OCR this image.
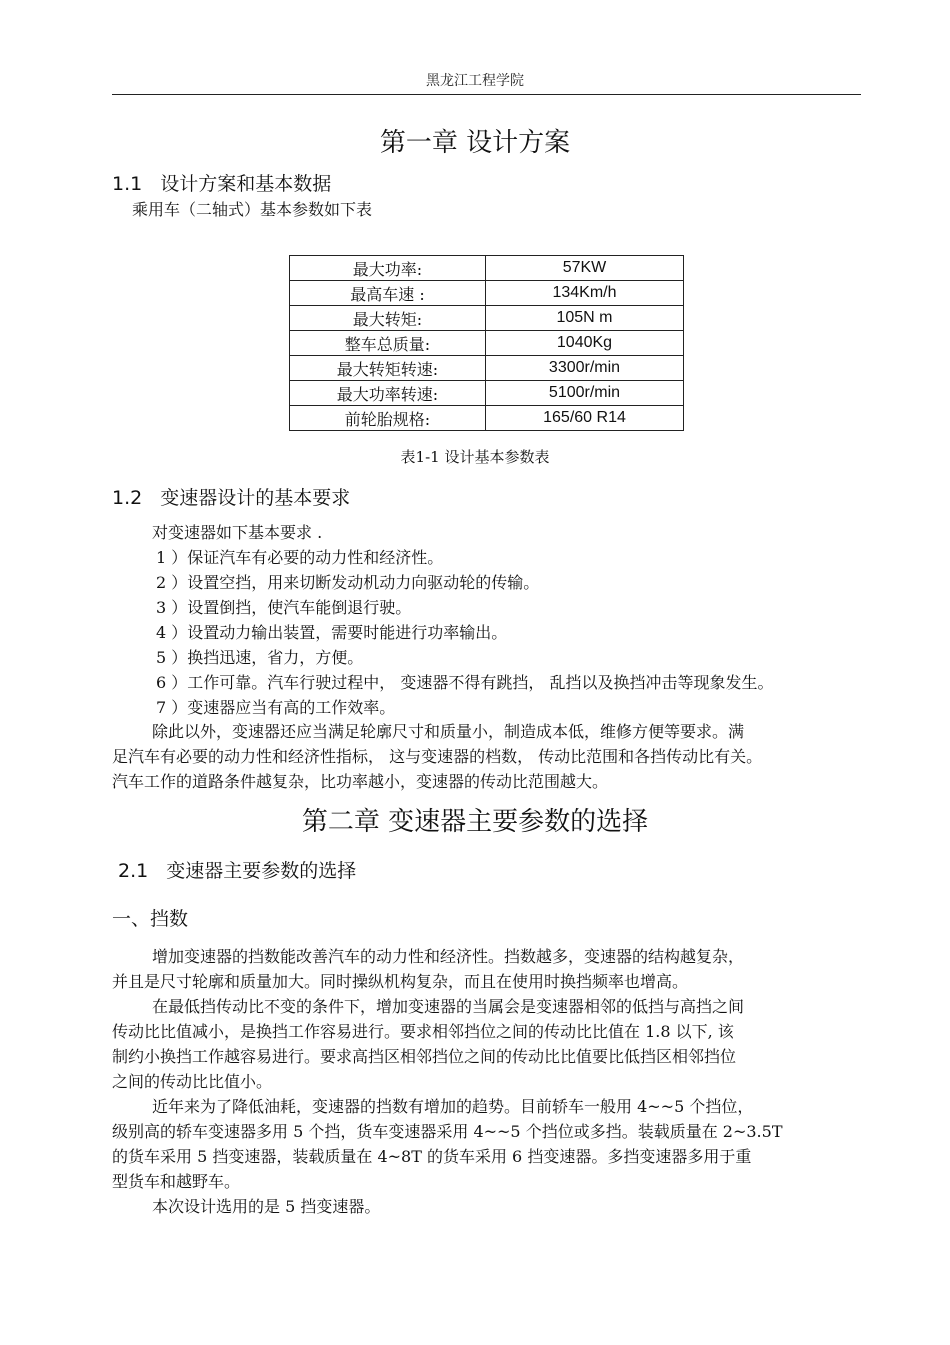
黑龙江工程学院
第一章 设计方案
1.1 设计方案和基本数据
乘用车（二轴式）基本参数如下表
最大功率:	57KW
最高车速 :	134Km/h
最大转矩:	105N m
整车总质量:	1040Kg
最大转矩转速:	3300r/min
最大功率转速:	5100r/min
前轮胎规格:	165/60 R14
表1-1 设计基本参数表
1.2 变速器设计的基本要求
对变速器如下基本要求 .
1 ）保证汽车有必要的动力性和经济性。
2 ）设置空挡，用来切断发动机动力向驱动轮的传输。
3 ）设置倒挡，使汽车能倒退行驶。
4 ）设置动力输出装置，需要时能进行功率输出。
5 ）换挡迅速，省力，方便。
6 ）工作可靠。汽车行驶过程中， 变速器不得有跳挡， 乱挡以及换挡冲击等现象发生。
7 ）变速器应当有高的工作效率。
除此以外，变速器还应当满足轮廓尺寸和质量小，制造成本低，维修方便等要求。满
足汽车有必要的动力性和经济性指标， 这与变速器的档数， 传动比范围和各挡传动比有关。
汽车工作的道路条件越复杂，比功率越小，变速器的传动比范围越大。
第二章 变速器主要参数的选择
2.1 变速器主要参数的选择
一、挡数
增加变速器的挡数能改善汽车的动力性和经济性。挡数越多，变速器的结构越复杂，
并且是尺寸轮廓和质量加大。同时操纵机构复杂，而且在使用时换挡频率也增高。
在最低挡传动比不变的条件下，增加变速器的当属会是变速器相邻的低挡与高挡之间
传动比比值减小，是换挡工作容易进行。要求相邻挡位之间的传动比比值在 1.8 以下, 该
制约小换挡工作越容易进行。要求高挡区相邻挡位之间的传动比比值要比低挡区相邻挡位
之间的传动比比值小。
近年来为了降低油耗，变速器的挡数有增加的趋势。目前轿车一般用 4~~5 个挡位，
级别高的轿车变速器多用 5 个挡，货车变速器采用 4~~5 个挡位或多挡。装载质量在 2~3.5T
的货车采用 5 挡变速器，装载质量在 4~8T 的货车采用 6 挡变速器。多挡变速器多用于重
型货车和越野车。
本次设计选用的是 5 挡变速器。
